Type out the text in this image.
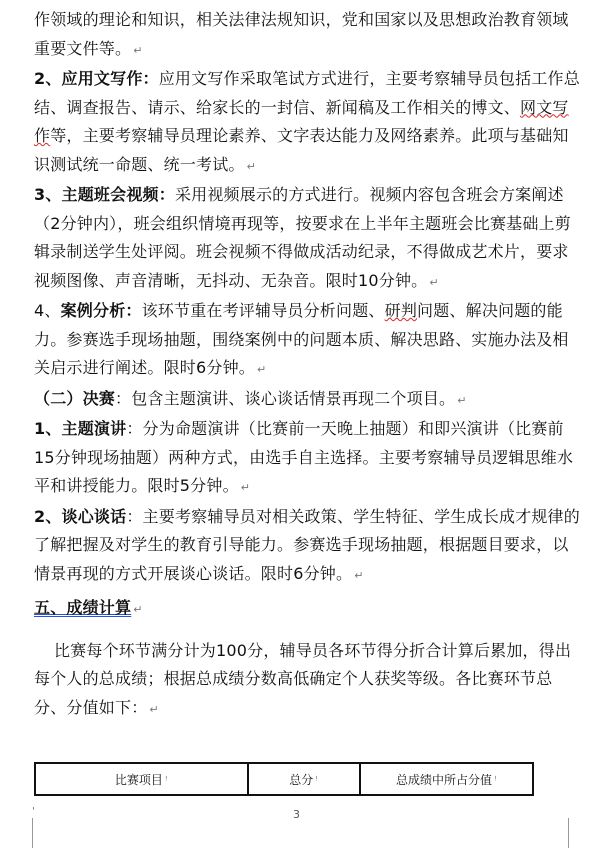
作领域的理论和知识，相关法律法规知识，党和国家以及思想政治教育领域重要文件等。 ↵

2、应用文写作：应用文写作采取笔试方式进行，主要考察辅导员包括工作总结、调查报告、请示、给家长的一封信、新闻稿及工作相关的博文、网文写作等，主要考察辅导员理论素养、文字表达能力及网络素养。此项与基础知识测试统一命题、统一考试。 ↵

3、主题班会视频：采用视频展示的方式进行。视频内容包含班会方案阐述（2分钟内），班会组织情境再现等，按要求在上半年主题班会比赛基础上剪辑录制送学生处评阅。班会视频不得做成活动纪录，不得做成艺术片，要求视频图像、声音清晰，无抖动、无杂音。限时10分钟。 ↵

4、案例分析：该环节重在考评辅导员分析问题、研判问题、解决问题的能力。参赛选手现场抽题，围绕案例中的问题本质、解决思路、实施办法及相关启示进行阐述。限时6分钟。 ↵

（二）决赛：包含主题演讲、谈心谈话情景再现二个项目。 ↵

1、主题演讲：分为命题演讲（比赛前一天晚上抽题）和即兴演讲（比赛前15分钟现场抽题）两种方式，由选手自主选择。主要考察辅导员逻辑思维水平和讲授能力。限时5分钟。 ↵

2、谈心谈话：主要考察辅导员对相关政策、学生特征、学生成长成才规律的了解把握及对学生的教育引导能力。参赛选手现场抽题，根据题目要求，以情景再现的方式开展谈心谈话。限时6分钟。 ↵

五、成绩计算 ↵

比赛每个环节满分计为100分，辅导员各环节得分折合计算后累加，得出每个人的总成绩；根据总成绩分数高低确定个人获奖等级。各比赛环节总分、分值如下： ↵

比赛项目 ꜝ	总分 ꜝ	总成绩中所占分值 ꜝ
'	3
